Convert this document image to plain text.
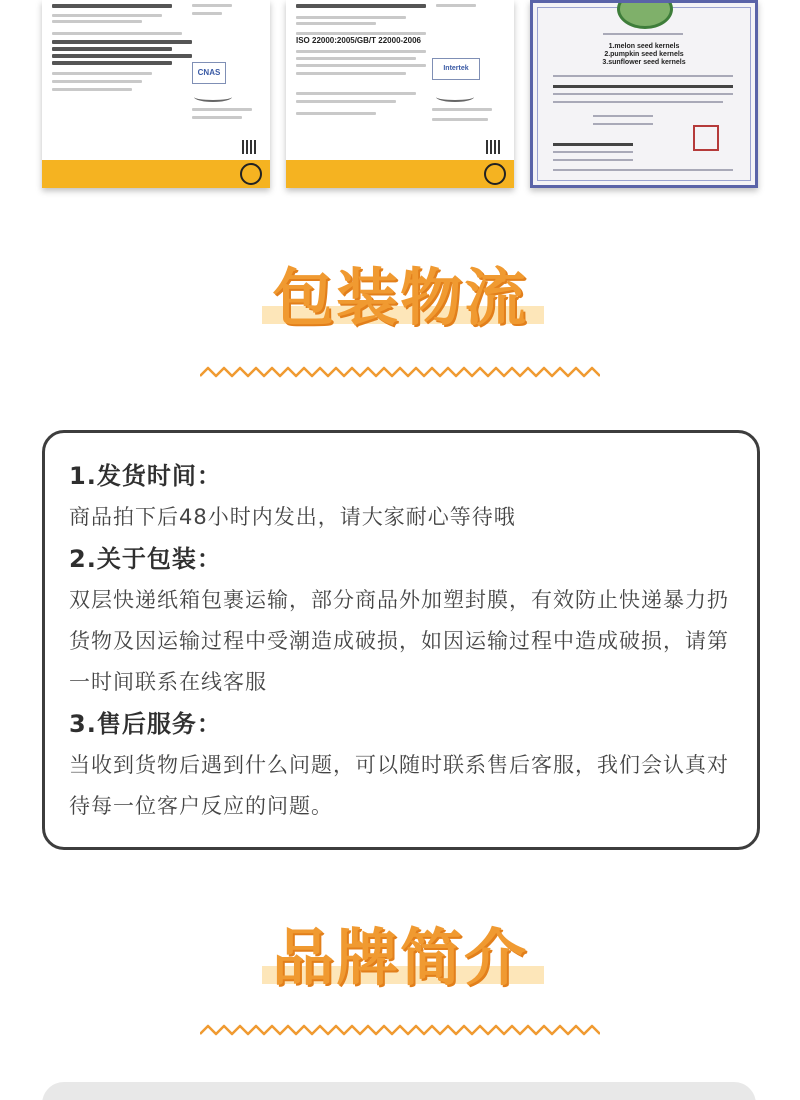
CNAS
ISO 22000:2005/GB/T 22000-2006
Intertek
1.melon seed kernels
2.pumpkin seed kernels
3.sunflower seed kernels
包装物流
1.发货时间：
商品拍下后48小时内发出，请大家耐心等待哦
2.关于包装：
双层快递纸箱包裹运输，部分商品外加塑封膜，有效防止快递暴力扔货物及因运输过程中受潮造成破损，如因运输过程中造成破损，请第一时间联系在线客服
3.售后服务：
当收到货物后遇到什么问题，可以随时联系售后客服，我们会认真对待每一位客户反应的问题。
品牌简介
